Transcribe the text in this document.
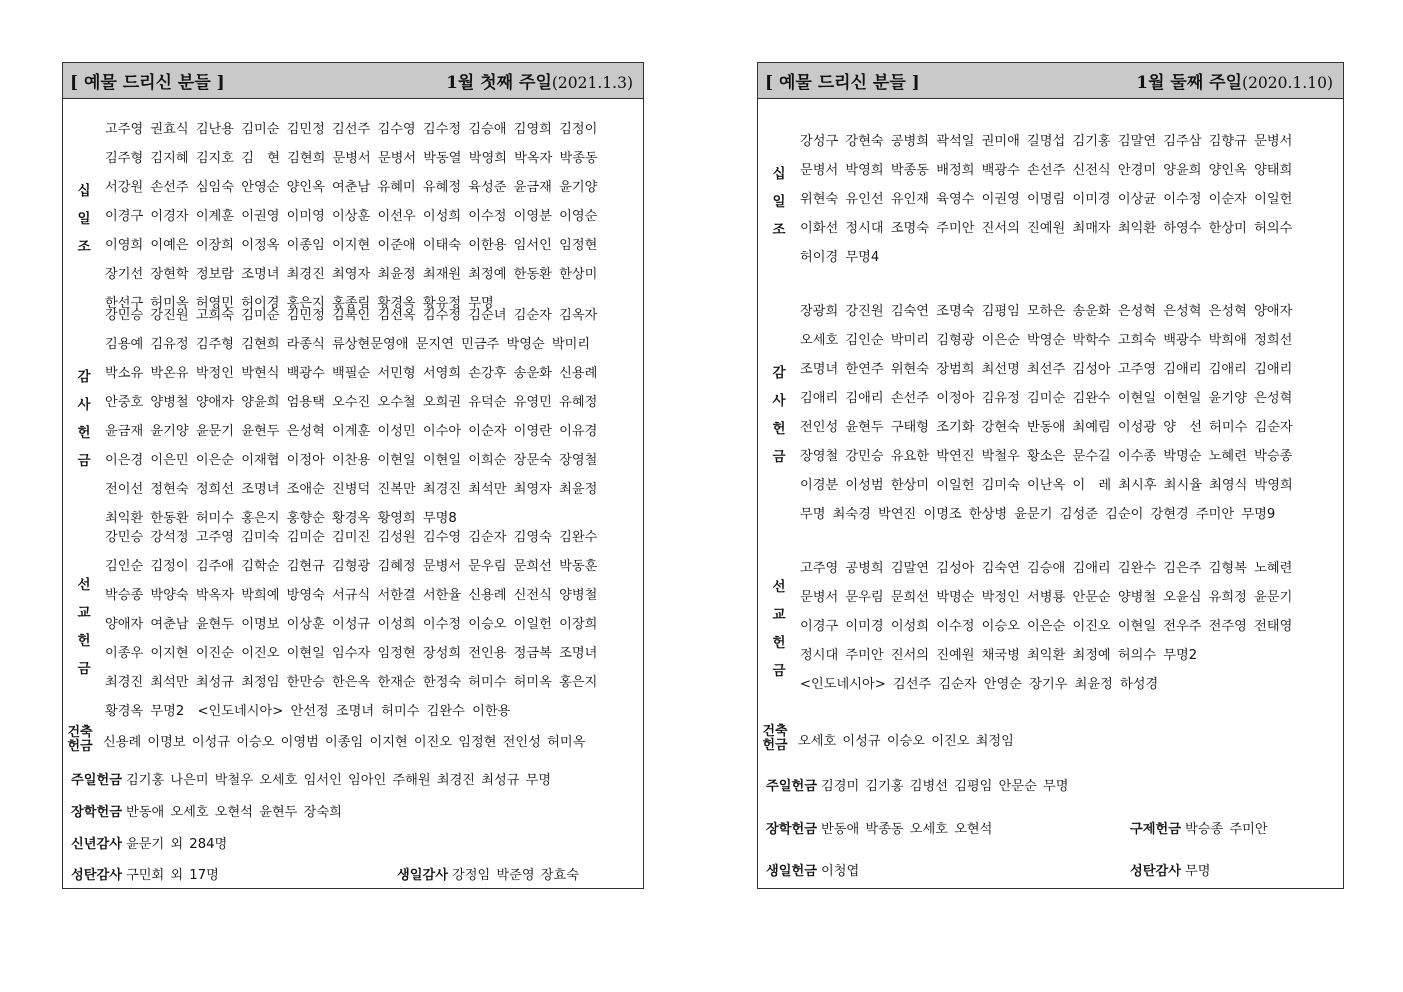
[ 예물 드리신 분들 ]	1월 첫째 주일(2021.1.3)
십
일
조
고주영 권효식 김난용 김미순 김민정 김선주 김수영 김수정 김승애 김영희 김정이
김주형 김지혜 김지호 김　현 김현희 문병서 문병서 박동열 박영희 박옥자 박종동
서강원 손선주 심임숙 안영순 양인옥 여춘남 유혜미 유혜정 육성준 윤금재 윤기양
이경구 이경자 이계훈 이권영 이미영 이상훈 이선우 이성희 이수정 이영분 이영순
이영희 이예은 이장희 이정옥 이종임 이지현 이준애 이태숙 이한용 임서인 임정현
장기선 장현학 정보람 조명녀 최경진 최영자 최윤정 최재원 최정예 한동환 한상미
한선구 허미옥 허영민 허이경 홍은지 홍종림 황경옥 황유정 무명
감
사
헌
금
강민승 강진원 고희숙 김미순 김민정 김복인 김선옥 김수정 김순녀 김순자 김옥자
김용예 김유정 김주형 김현희 라종식 류상현문영애 문지연 민금주 박영순 박미리
박소유 박온유 박정인 박현식 백광수 백필순 서민형 서영희 손강후 송운화 신용례
안중호 양병철 양애자 양윤희 엄용택 오수진 오수철 오희권 유덕순 유영민 유혜정
윤금재 윤기양 윤문기 윤현두 은성혁 이계훈 이성민 이수아 이순자 이영란 이유경
이은경 이은민 이은순 이재협 이정아 이찬용 이현일 이현일 이희순 장문숙 장영철
전이선 정현숙 정희선 조명녀 조애순 진병덕 진복만 최경진 최석만 최영자 최윤정
최익환 한동환 허미수 홍은지 홍향순 황경옥 황영희 무명8
선
교
헌
금
강민승 강석정 고주영 김미숙 김미순 김미진 김성원 김수영 김순자 김영숙 김완수
김인순 김정이 김주애 김학순 김현규 김형광 김혜정 문병서 문우림 문희선 박동훈
박승종 박양숙 박옥자 박희예 방영숙 서규식 서한결 서한율 신용례 신전식 양병철
양애자 여춘남 윤현두 이명보 이상훈 이성규 이성희 이수정 이승오 이일헌 이장희
이종우 이지현 이진순 이진오 이현일 임수자 임정현 장성희 전인용 정금복 조명녀
최경진 최석만 최성규 최정임 한만승 한은옥 한재순 한정숙 허미수 허미옥 홍은지
황경옥 무명2　<인도네시아> 안선정 조명녀 허미수 김완수 이한용
건축헌금 신용례 이명보 이성규 이승오 이영범 이종임 이지현 이진오 임정현 전인성 허미옥
주일헌금 김기홍 나은미 박철우 오세호 임서인 임아인 주해원 최경진 최성규 무명
장학헌금 반동애 오세호 오현석 윤현두 장숙희
신년감사 윤문기 외 284명
성탄감사 구민회 외 17명	생일감사 강정임 박준영 장효숙
[ 예물 드리신 분들 ]	1월 둘째 주일(2020.1.10)
십
일
조
강성구 강현숙 공병희 곽석일 권미애 길명섭 김기홍 김말연 김주삼 김향규 문병서
문병서 박영희 박종동 배정희 백광수 손선주 신전식 안경미 양윤희 양인옥 양태희
위현숙 유인선 유인재 육영수 이권영 이명림 이미경 이상균 이수정 이순자 이일헌
이화선 정시대 조명숙 주미안 진서의 진예원 최매자 최익환 하영수 한상미 허의수
허이경 무명4
감
사
헌
금
장광희 강진원 김숙연 조명숙 김평임 모하은 송운화 은성혁 은성혁 은성혁 양애자
오세호 김인순 박미리 김형광 이은순 박영순 박학수 고희숙 백광수 박희애 정희선
조명녀 한연주 위현숙 장범희 최선명 최선주 김성아 고주영 김애리 김애리 김애리
김애리 김애리 손선주 이정아 김유정 김미순 김완수 이현일 이현일 윤기양 은성혁
전인성 윤현두 구태형 조기화 강현숙 반동애 최예림 이성광 양　선 허미수 김순자
장영철 강민승 유요한 박연진 박철우 황소은 문수길 이수종 박명순 노혜련 박승종
이경분 이성범 한상미 이일헌 김미숙 이난옥 이　레 최시후 최시율 최영식 박영희
무명 최숙경 박연진 이명조 한상병 윤문기 김성준 김순이 강현경 주미안 무명9
선
교
헌
금
고주영 공병희 김말연 김성아 김숙연 김승애 김애리 김완수 김은주 김형복 노혜련
문병서 문우림 문희선 박명순 박정인 서병룡 안문순 양병철 오윤심 유희정 윤문기
이경구 이미경 이성희 이수정 이승오 이은순 이진오 이현일 전우주 전주영 전태영
정시대 주미안 진서의 진예원 채국병 최익환 최정예 허의수 무명2
<인도네시아> 김선주 김순자 안영순 장기우 최윤정 하성경
건축헌금 오세호 이성규 이승오 이진오 최정임
주일헌금 김경미 김기홍 김병선 김평임 안문순 무명
장학헌금 반동애 박종동 오세호 오현석	구제헌금 박승종 주미안
생일헌금 이청엽	성탄감사 무명
